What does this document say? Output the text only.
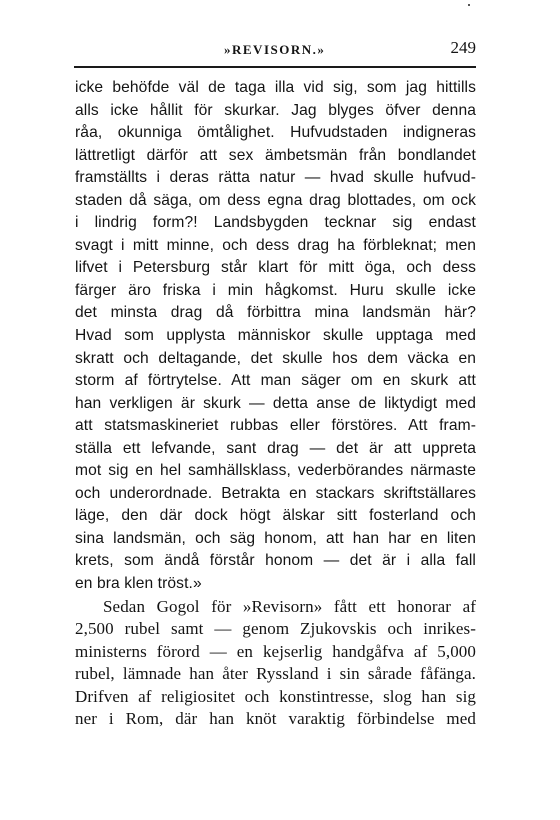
»REVISORN.»	249
icke behöfde väl de taga illa vid sig, som jag hittills
alls icke hållit för skurkar. Jag blyges öfver denna
råa, okunniga ömtålighet. Hufvudstaden indigneras
lättretligt därför att sex ämbetsmän från bondlandet
framställts i deras rätta natur — hvad skulle hufvud-
staden då säga, om dess egna drag blottades, om ock
i lindrig form?! Landsbygden tecknar sig endast
svagt i mitt minne, och dess drag ha förbleknat; men
lifvet i Petersburg står klart för mitt öga, och dess
färger äro friska i min hågkomst. Huru skulle icke
det minsta drag då förbittra mina landsmän här?
Hvad som upplysta människor skulle upptaga med
skratt och deltagande, det skulle hos dem väcka en
storm af förtrytelse. Att man säger om en skurk att
han verkligen är skurk — detta anse de liktydigt med
att statsmaskineriet rubbas eller förstöres. Att fram-
ställa ett lefvande, sant drag — det är att uppreta
mot sig en hel samhällsklass, vederbörandes närmaste
och underordnade. Betrakta en stackars skriftställares
läge, den där dock högt älskar sitt fosterland och
sina landsmän, och säg honom, att han har en liten
krets, som ändå förstår honom — det är i alla fall
en bra klen tröst.»
Sedan Gogol för »Revisorn» fått ett honorar af
2,500 rubel samt — genom Zjukovskis och inrikes-
ministerns förord — en kejserlig handgåfva af 5,000
rubel, lämnade han åter Ryssland i sin sårade fåfänga.
Drifven af religiositet och konstintresse, slog han sig
ner i Rom, där han knöt varaktig förbindelse med
